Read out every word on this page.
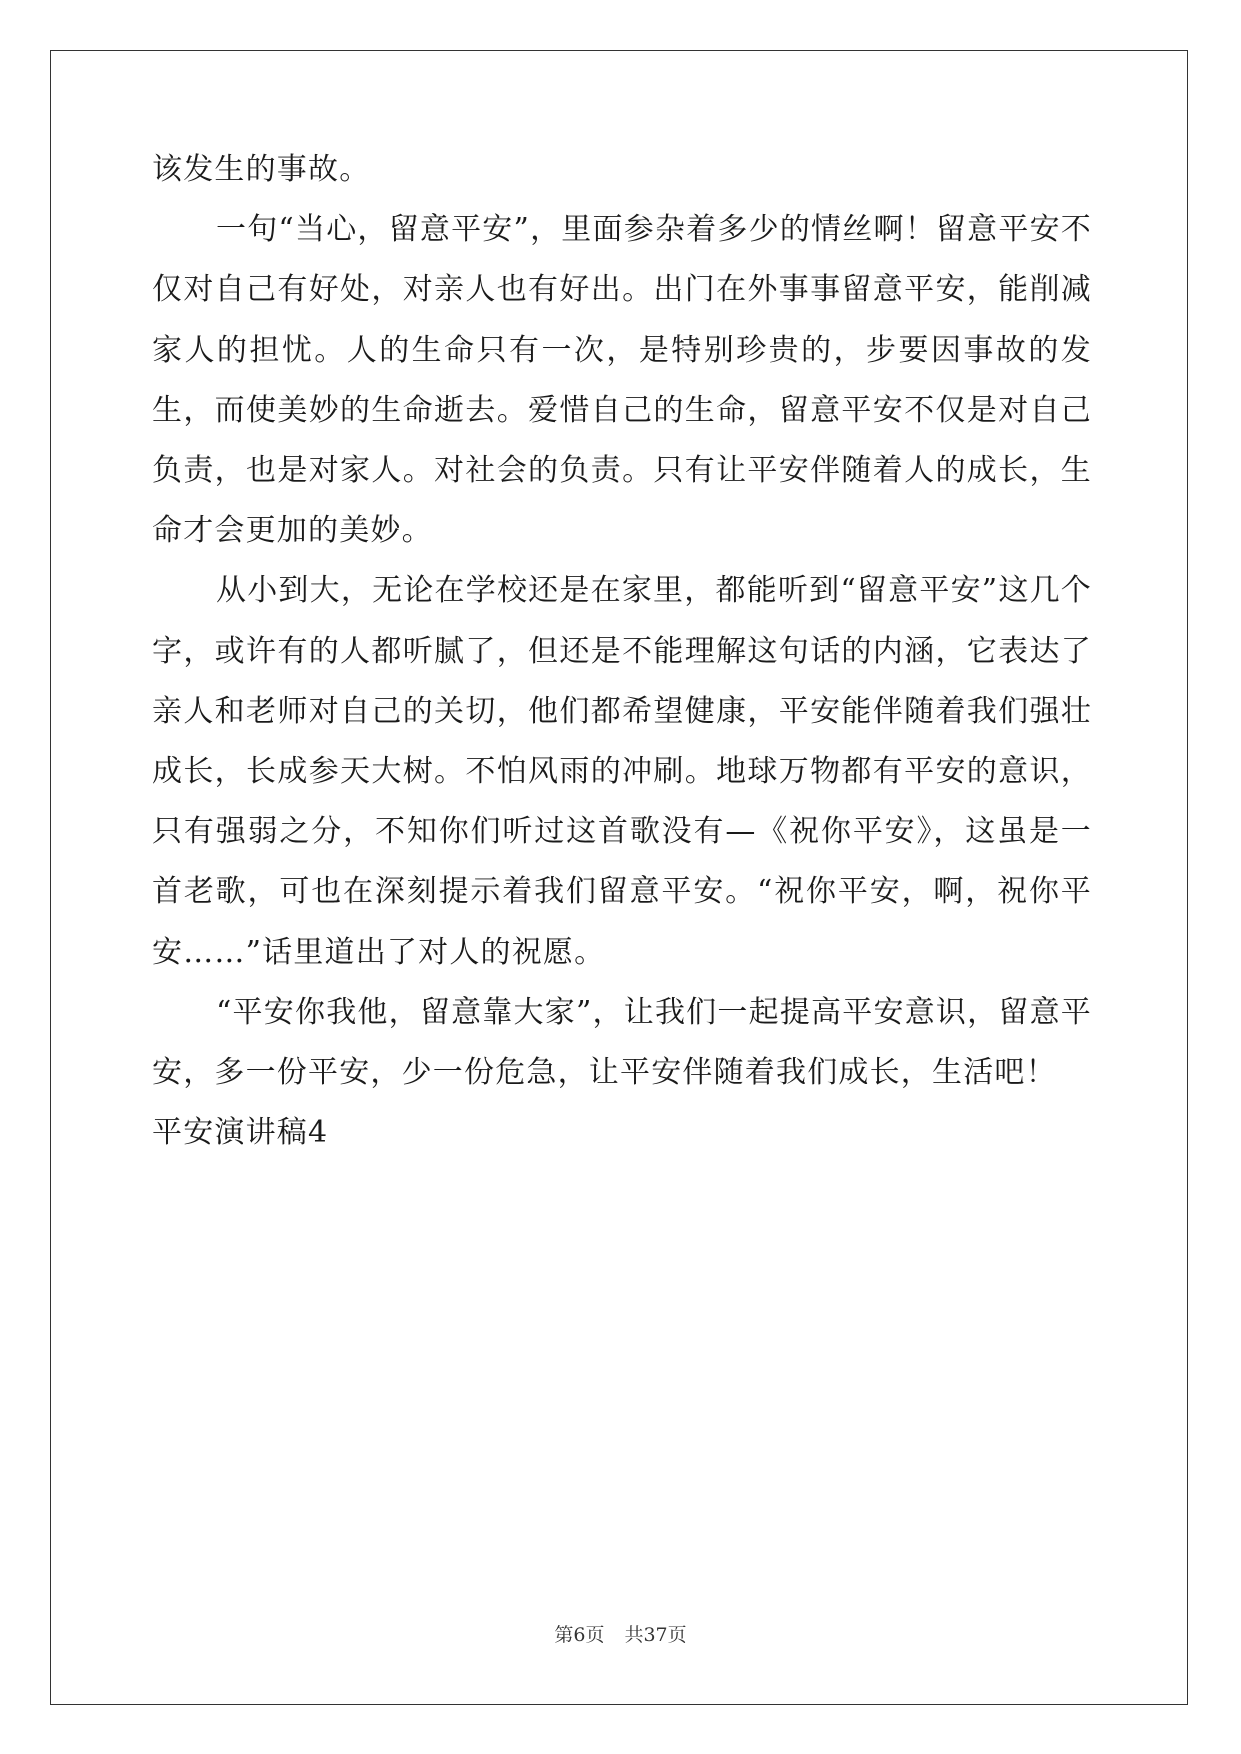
该发生的事故。

一句“当心，留意平安”，里面参杂着多少的情丝啊！留意平安不仅对自己有好处，对亲人也有好出。出门在外事事留意平安，能削减家人的担忧。人的生命只有一次，是特别珍贵的，步要因事故的发生，而使美妙的生命逝去。爱惜自己的生命，留意平安不仅是对自己负责，也是对家人。对社会的负责。只有让平安伴随着人的成长，生命才会更加的美妙。

从小到大，无论在学校还是在家里，都能听到“留意平安”这几个字，或许有的人都听腻了，但还是不能理解这句话的内涵，它表达了亲人和老师对自己的关切，他们都希望健康，平安能伴随着我们强壮成长，长成参天大树。不怕风雨的冲刷。地球万物都有平安的意识，只有强弱之分，不知你们听过这首歌没有—《祝你平安》，这虽是一首老歌，可也在深刻提示着我们留意平安。“祝你平安，啊，祝你平安……”话里道出了对人的祝愿。

“平安你我他，留意靠大家”，让我们一起提高平安意识，留意平安，多一份平安，少一份危急，让平安伴随着我们成长，生活吧！

平安演讲稿4

第6页 共37页
